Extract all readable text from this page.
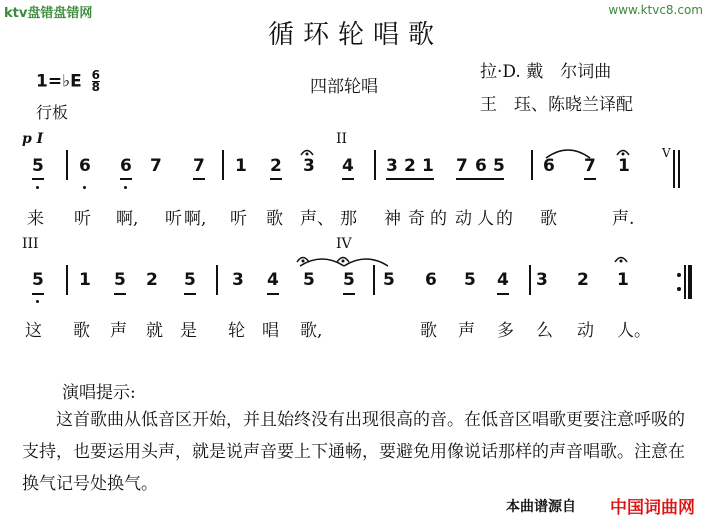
ktv盘错盘错网	www.ktvc8.com
循环轮唱歌
1=♭E $\frac{6}{8}$
行板
四部轮唱
拉·D. 戴　尔词曲
王　珏、陈晓兰译配
p I	II
III	IV
5 6 6 7 7 1 2 3 4 3 2 1 7 6 5 6 7 1
V
来 听 啊, 听 啊, 听 歌 声、 那 神 奇 的 动 人 的 歌	声.
5 1 5 2 5 3 4 5 5 5 6 5 4 3 2 1
这 歌 声 就 是 轮 唱 歌,	歌 声 多 么 动 人。
演唱提示:

这首歌曲从低音区开始，并且始终没有出现很高的音。在低音区唱歌更要注意呼吸的支持，也要运用头声，就是说声音要上下通畅，要避免用像说话那样的声音唱歌。注意在换气记号处换气。

本曲谱源自 中国词曲网
